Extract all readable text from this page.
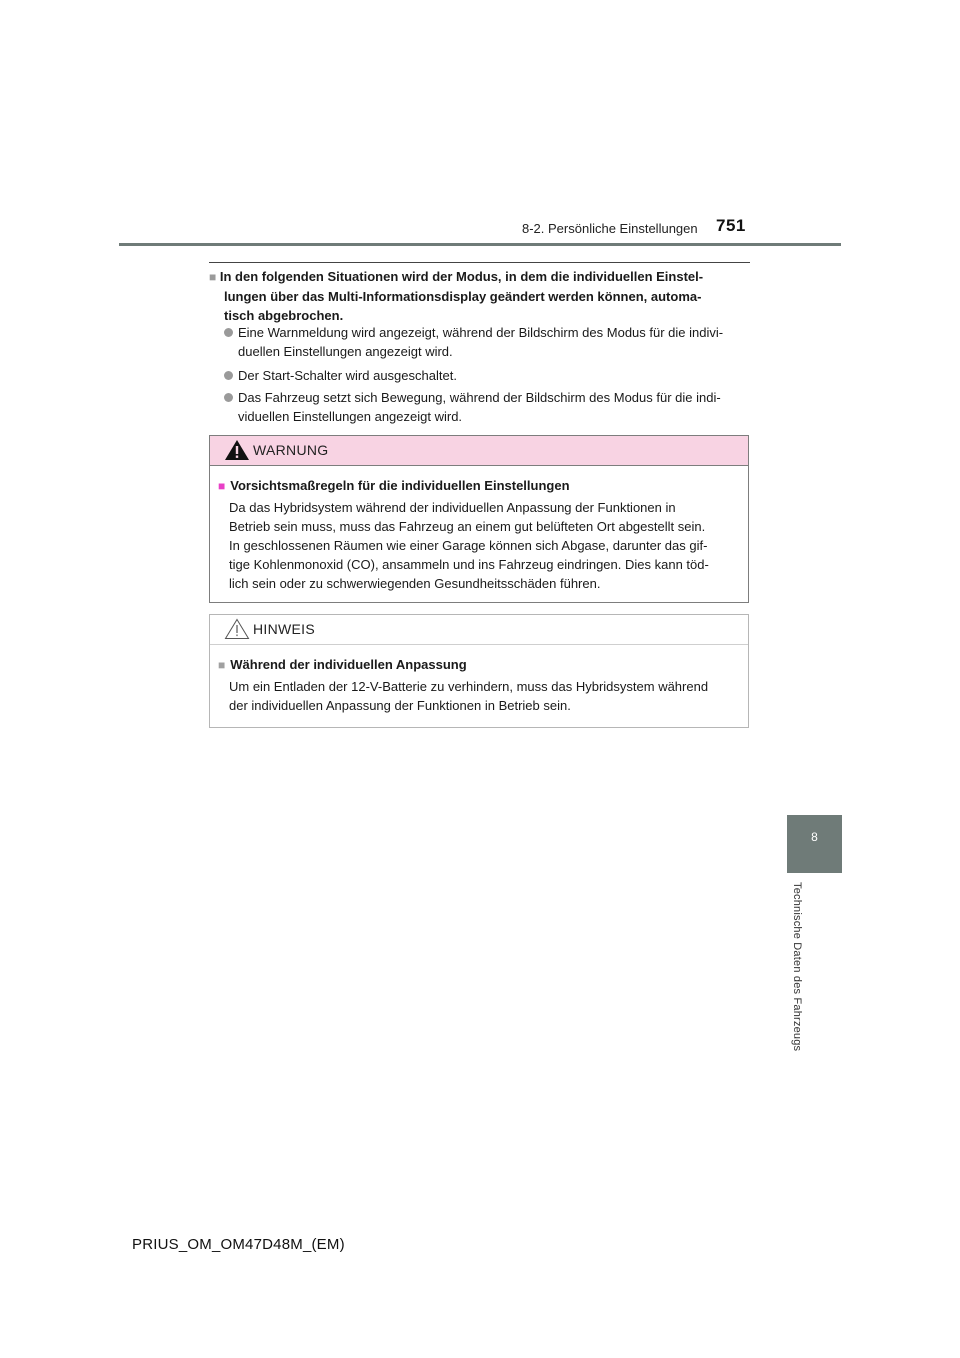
8-2. Persönliche Einstellungen 751
8
Technische Daten des Fahrzeugs
■ In den folgenden Situationen wird der Modus, in dem die individuellen Einstel-
lungen über das Multi-Informationsdisplay geändert werden können, automa-
tisch abgebrochen.
Eine Warnmeldung wird angezeigt, während der Bildschirm des Modus für die indivi-
duellen Einstellungen angezeigt wird.
Der Start-Schalter wird ausgeschaltet.
Das Fahrzeug setzt sich Bewegung, während der Bildschirm des Modus für die indi-
viduellen Einstellungen angezeigt wird.
WARNUNG
■ Vorsichtsmaßregeln für die individuellen Einstellungen
Da das Hybridsystem während der individuellen Anpassung der Funktionen in
Betrieb sein muss, muss das Fahrzeug an einem gut belüfteten Ort abgestellt sein.
In geschlossenen Räumen wie einer Garage können sich Abgase, darunter das gif-
tige Kohlenmonoxid (CO), ansammeln und ins Fahrzeug eindringen. Dies kann töd-
lich sein oder zu schwerwiegenden Gesundheitsschäden führen.
HINWEIS
■ Während der individuellen Anpassung
Um ein Entladen der 12-V-Batterie zu verhindern, muss das Hybridsystem während
der individuellen Anpassung der Funktionen in Betrieb sein.
PRIUS_OM_OM47D48M_(EM)
